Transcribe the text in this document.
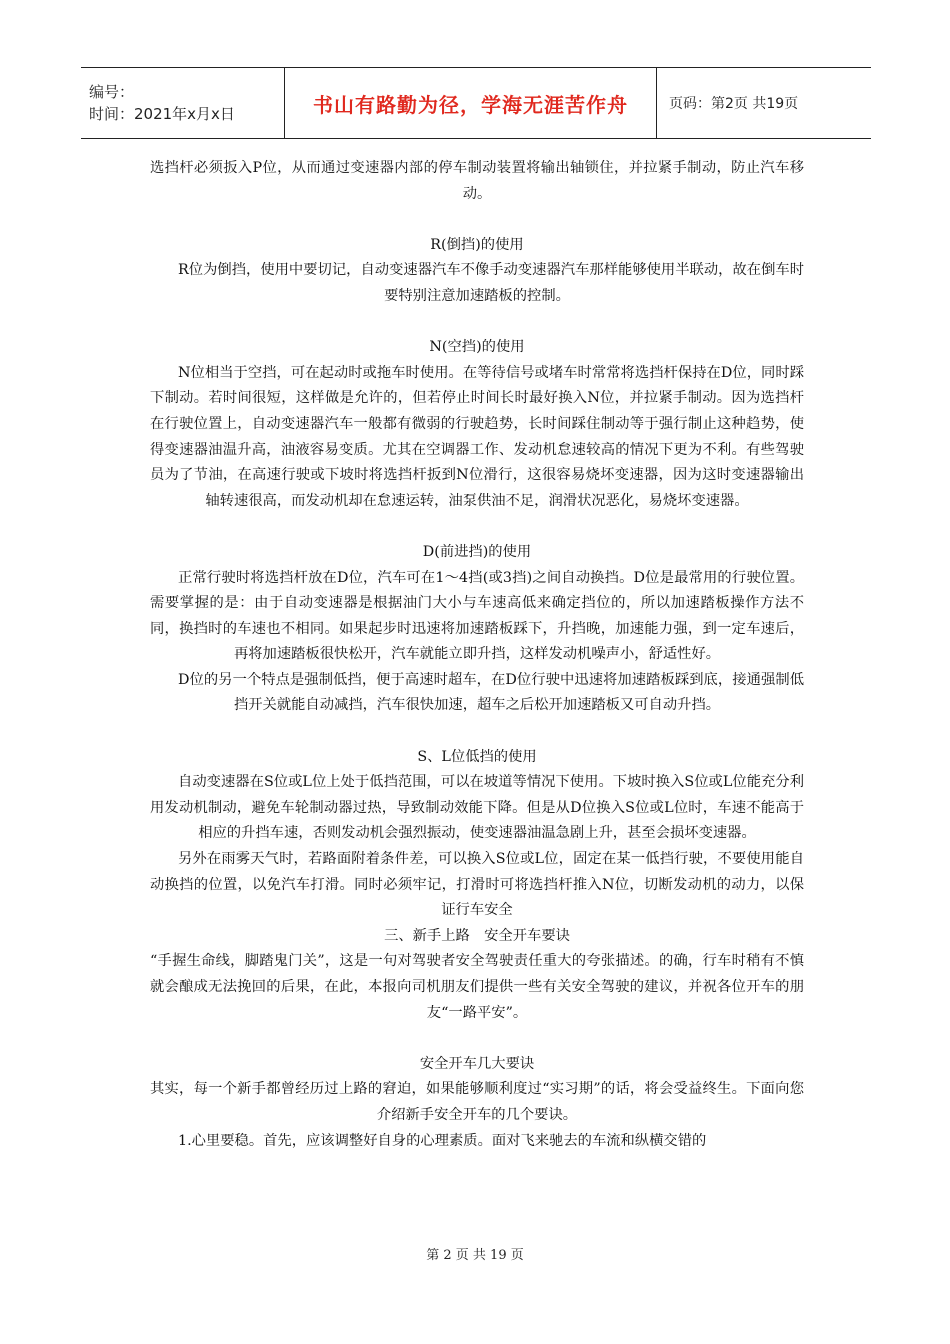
编号：
时间：2021年x月x日	书山有路勤为径，学海无涯苦作舟	页码：第2页 共19页

选挡杆必须扳入P位，从而通过变速器内部的停车制动装置将输出轴锁住，并拉紧手制动，防止汽车移动。

R(倒挡)的使用

R位为倒挡，使用中要切记，自动变速器汽车不像手动变速器汽车那样能够使用半联动，故在倒车时要特别注意加速踏板的控制。

N(空挡)的使用

N位相当于空挡，可在起动时或拖车时使用。在等待信号或堵车时常常将选挡杆保持在D位，同时踩下制动。若时间很短，这样做是允许的，但若停止时间长时最好换入N位，并拉紧手制动。因为选挡杆在行驶位置上，自动变速器汽车一般都有微弱的行驶趋势，长时间踩住制动等于强行制止这种趋势，使得变速器油温升高，油液容易变质。尤其在空调器工作、发动机怠速较高的情况下更为不利。有些驾驶员为了节油，在高速行驶或下坡时将选挡杆扳到N位滑行，这很容易烧坏变速器，因为这时变速器输出轴转速很高，而发动机却在怠速运转，油泵供油不足，润滑状况恶化，易烧坏变速器。

D(前进挡)的使用

正常行驶时将选挡杆放在D位，汽车可在1～4挡(或3挡)之间自动换挡。D位是最常用的行驶位置。需要掌握的是：由于自动变速器是根据油门大小与车速高低来确定挡位的，所以加速踏板操作方法不同，换挡时的车速也不相同。如果起步时迅速将加速踏板踩下，升挡晚，加速能力强，到一定车速后，再将加速踏板很快松开，汽车就能立即升挡，这样发动机噪声小，舒适性好。

D位的另一个特点是强制低挡，便于高速时超车，在D位行驶中迅速将加速踏板踩到底，接通强制低挡开关就能自动减挡，汽车很快加速，超车之后松开加速踏板又可自动升挡。

S、L位低挡的使用

自动变速器在S位或L位上处于低挡范围，可以在坡道等情况下使用。下坡时换入S位或L位能充分利用发动机制动，避免车轮制动器过热，导致制动效能下降。但是从D位换入S位或L位时，车速不能高于相应的升挡车速，否则发动机会强烈振动，使变速器油温急剧上升，甚至会损坏变速器。

另外在雨雾天气时，若路面附着条件差，可以换入S位或L位，固定在某一低挡行驶，不要使用能自动换挡的位置，以免汽车打滑。同时必须牢记，打滑时可将选挡杆推入N位，切断发动机的动力，以保证行车安全

三、新手上路　安全开车要诀

“手握生命线，脚踏鬼门关”，这是一句对驾驶者安全驾驶责任重大的夸张描述。的确，行车时稍有不慎就会酿成无法挽回的后果，在此，本报向司机朋友们提供一些有关安全驾驶的建议，并祝各位开车的朋友“一路平安”。

安全开车几大要诀

其实，每一个新手都曾经历过上路的窘迫，如果能够顺利度过“实习期”的话，将会受益终生。下面向您介绍新手安全开车的几个要诀。

1.心里要稳。首先，应该调整好自身的心理素质。面对飞来驰去的车流和纵横交错的

第 2 页 共 19 页
